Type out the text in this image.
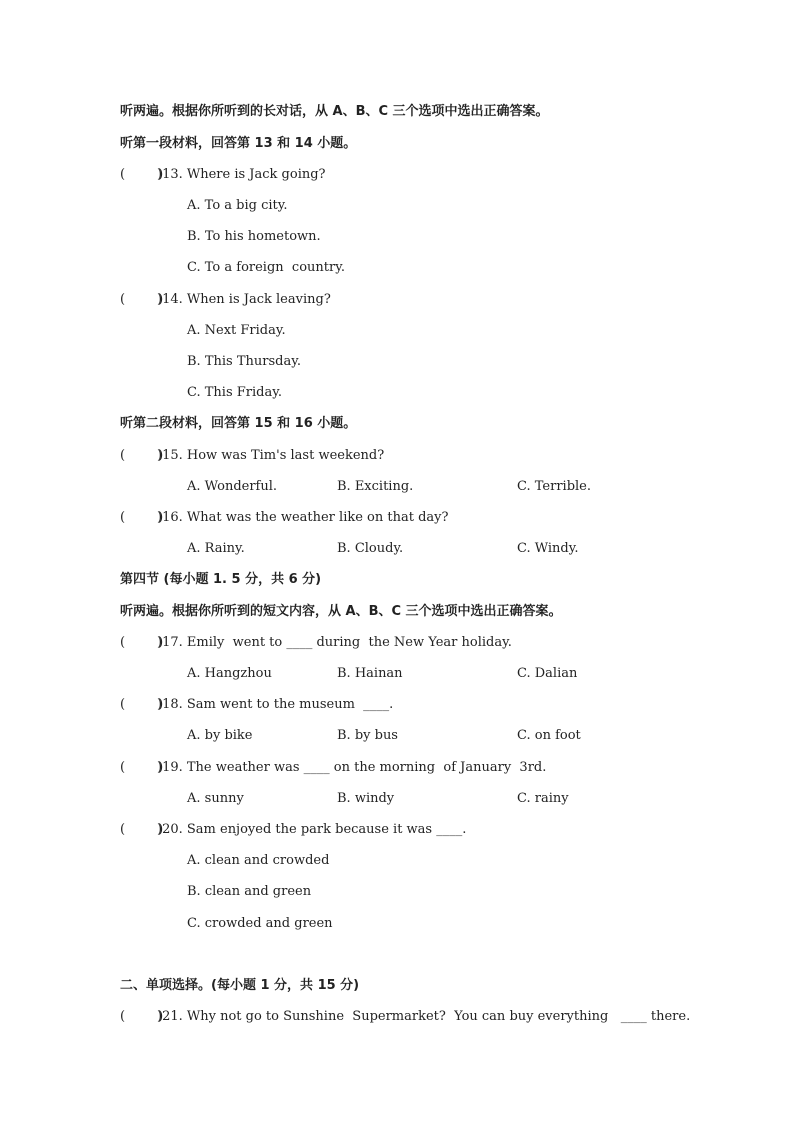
听两遍。根据你所听到的长对话，从 A、B、C 三个选项中选出正确答案。
听第一段材料，回答第 13 和 14 小题。
(        )
)13. Where is Jack going?
A. To a big city.
B. To his hometown.
C. To a foreign  country.
(        )
)14. When is Jack leaving?
A. Next Friday.
B. This Thursday.
C. This Friday.
听第二段材料，回答第 15 和 16 小题。
(        )
)15. How was Tim's last weekend?
A. Wonderful.	B. Exciting.	C. Terrible.
(        )
)16. What was the weather like on that day?
A. Rainy.	B. Cloudy.	C. Windy.
第四节 (每小题 1. 5 分，共 6 分)
听两遍。根据你所听到的短文内容，从 A、B、C 三个选项中选出正确答案。
(        )
)17. Emily  went to ____ during  the New Year holiday.
A. Hangzhou	B. Hainan	C. Dalian
(        )
)18. Sam went to the museum  ____.
A. by bike	B. by bus	C. on foot
(        )
)19. The weather was ____ on the morning  of January  3rd.
A. sunny	B. windy	C. rainy
(        )
)20. Sam enjoyed the park because it was ____.
A. clean and crowded
B. clean and green
C. crowded and green
二、单项选择。(每小题 1 分，共 15 分)
(        )
)21. Why not go to Sunshine  Supermarket?  You can buy everything   ____ there.
